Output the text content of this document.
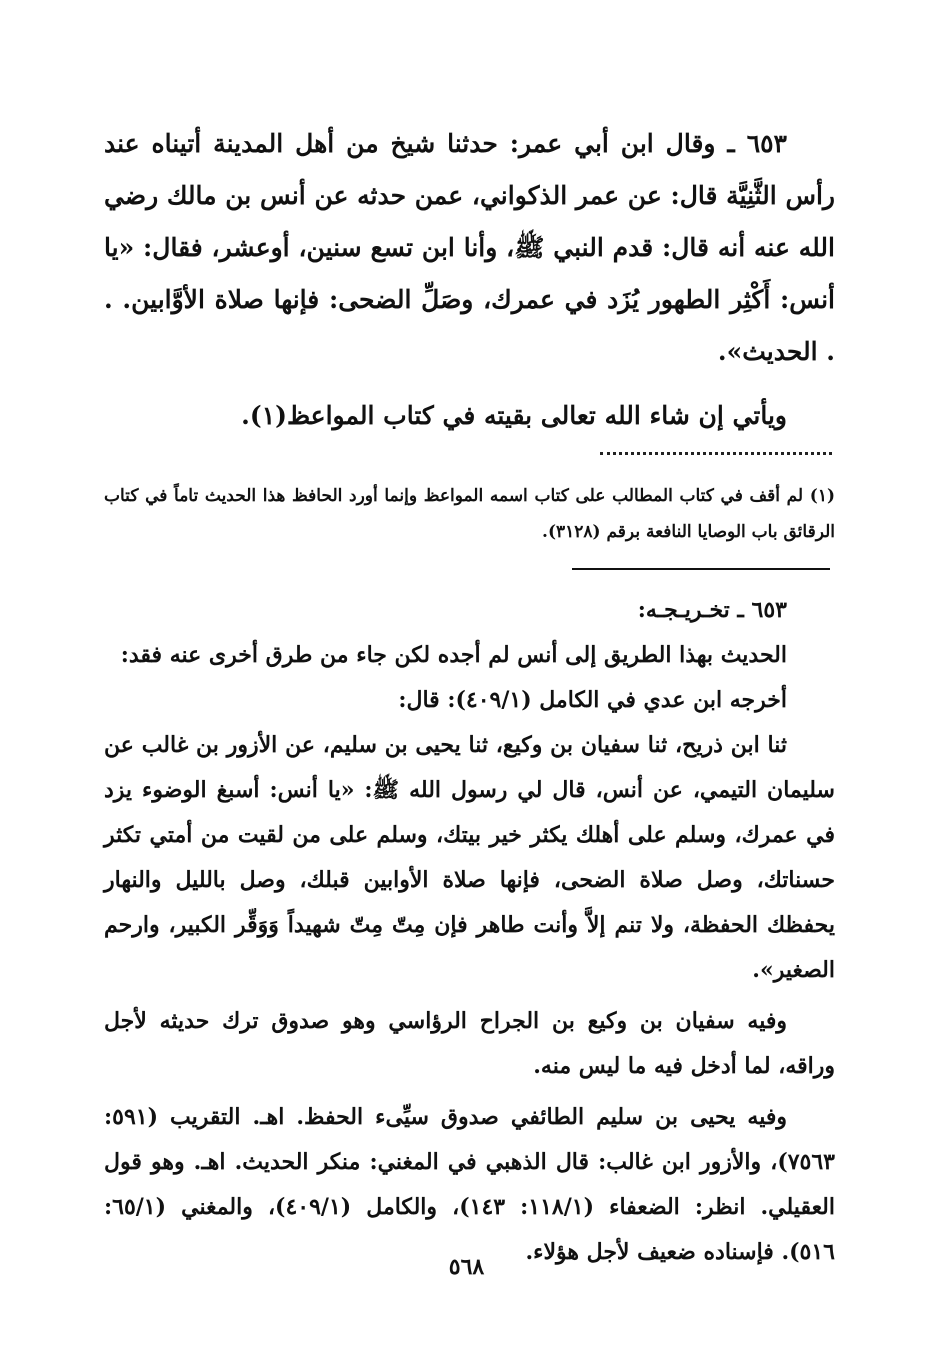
٦٥٣ ـ وقال ابن أبي عمر: حدثنا شيخ من أهل المدينة أتيناه عند رأس الثَّنِيَّة قال: عن عمر الذكواني، عمن حدثه عن أنس بن مالك رضي الله عنه أنه قال: قدم النبي ﷺ، وأنا ابن تسع سنين، أوعشر، فقال: «يا أنس: أَكْثِر الطهور يُزَد في عمرك، وصَلِّ الضحى: فإنها صلاة الأوَّابين. . . الحديث».

ويأتي إن شاء الله تعالى بقيته في كتاب المواعظ(١).

(١) لم أقف في كتاب المطالب على كتاب اسمه المواعظ وإنما أورد الحافظ هذا الحديث تاماً في كتاب الرقائق باب الوصايا النافعة برقم (٣١٢٨).

٦٥٣ ـ تخـريـجـه:

الحديث بهذا الطريق إلى أنس لم أجده لكن جاء من طرق أخرى عنه فقد:

أخرجه ابن عدي في الكامل (٤٠٩/١): قال:

ثنا ابن ذريح، ثنا سفيان بن وكيع، ثنا يحيى بن سليم، عن الأزور بن غالب عن سليمان التيمي، عن أنس، قال لي رسول الله ﷺ: «يا أنس: أسبغ الوضوء يزد في عمرك، وسلم على أهلك يكثر خير بيتك، وسلم على من لقيت من أمتي تكثر حسناتك، وصل صلاة الضحى، فإنها صلاة الأوابين قبلك، وصل بالليل والنهار يحفظك الحفظة، ولا تنم إلاَّ وأنت طاهر فإن مِتّ مِتّ شهيداً وَوَقِّر الكبير، وارحم الصغير».

وفيه سفيان بن وكيع بن الجراح الرؤاسي وهو صدوق ترك حديثه لأجل وراقه، لما أدخل فيه ما ليس منه.

وفيه يحيى بن سليم الطائفي صدوق سيِّىء الحفظ. اهـ. التقريب (٥٩١: ٧٥٦٣)، والأزور ابن غالب: قال الذهبي في المغني: منكر الحديث. اهـ. وهو قول العقيلي. انظر: الضعفاء (١١٨/١: ١٤٣)، والكامل (٤٠٩/١)، والمغني (٦٥/١: ٥١٦). فإسناده ضعيف لأجل هؤلاء.

٥٦٨
